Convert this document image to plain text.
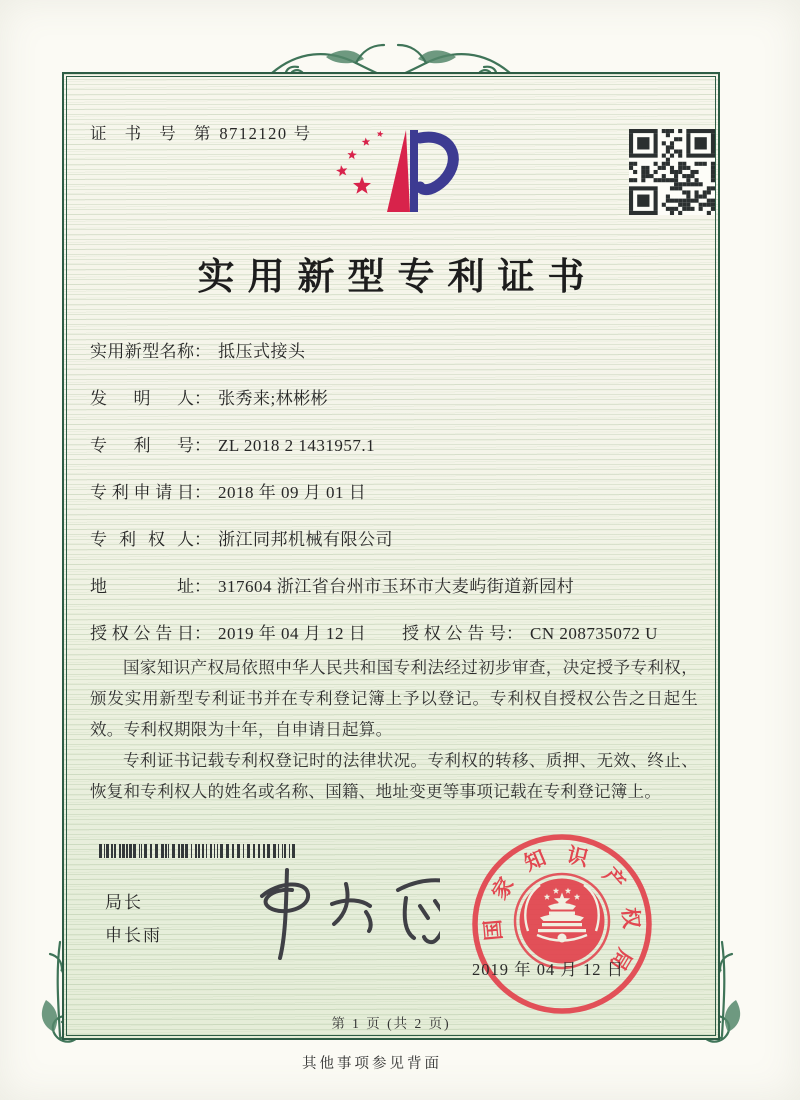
证 书 号 第 8712120 号
实用新型专利证书
实用新型名称： 抵压式接头
发明人： 张秀来;林彬彬
专利号： ZL 2018 2 1431957.1
专利申请日： 2018 年 09 月 01 日
专利权人： 浙江同邦机械有限公司
地址： 317604 浙江省台州市玉环市大麦屿街道新园村
授权公告日： 2019 年 04 月 12 日 授权公告号： CN 208735072 U

国家知识产权局依照中华人民共和国专利法经过初步审查，决定授予专利权，颁发实用新型专利证书并在专利登记簿上予以登记。专利权自授权公告之日起生效。专利权期限为十年，自申请日起算。

专利证书记载专利权登记时的法律状况。专利权的转移、质押、无效、终止、恢复和专利权人的姓名或名称、国籍、地址变更等事项记载在专利登记簿上。

局长
申长雨	国
家
知 识
产
权
局
2019 年 04 月 12 日
第 1 页 (共 2 页)
其他事项参见背面
